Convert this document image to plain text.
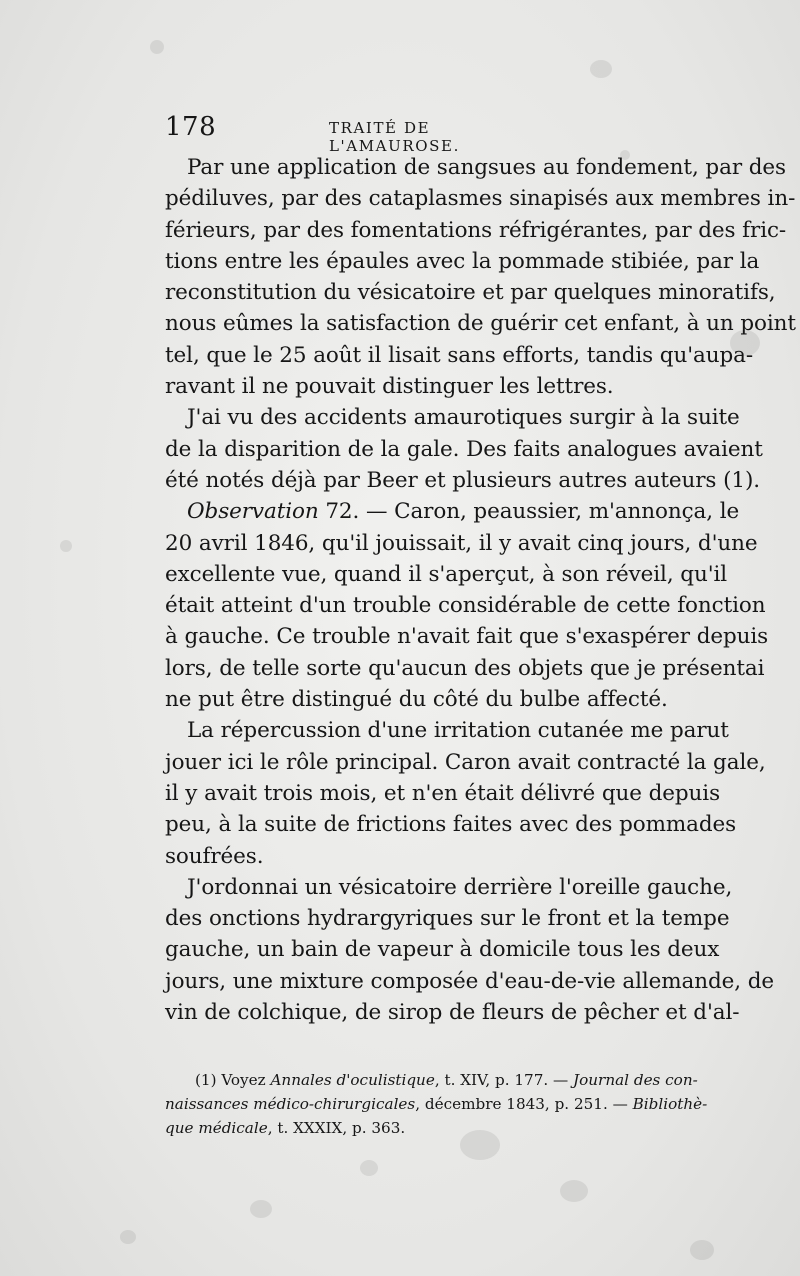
178	TRAITÉ DE L'AMAUROSE.

Par une application de sangsues au fondement, par des
pédiluves, par des cataplasmes sinapisés aux membres in-
férieurs, par des fomentations réfrigérantes, par des fric-
tions entre les épaules avec la pommade stibiée, par la
reconstitution du vésicatoire et par quelques minoratifs,
nous eûmes la satisfaction de guérir cet enfant, à un point
tel, que le 25 août il lisait sans efforts, tandis qu'aupa-
ravant il ne pouvait distinguer les lettres.

J'ai vu des accidents amaurotiques surgir à la suite
de la disparition de la gale. Des faits analogues avaient
été notés déjà par Beer et plusieurs autres auteurs (1).

Observation 72. — Caron, peaussier, m'annonça, le
20 avril 1846, qu'il jouissait, il y avait cinq jours, d'une
excellente vue, quand il s'aperçut, à son réveil, qu'il
était atteint d'un trouble considérable de cette fonction
à gauche. Ce trouble n'avait fait que s'exaspérer depuis
lors, de telle sorte qu'aucun des objets que je présentai
ne put être distingué du côté du bulbe affecté.

La répercussion d'une irritation cutanée me parut
jouer ici le rôle principal. Caron avait contracté la gale,
il y avait trois mois, et n'en était délivré que depuis
peu, à la suite de frictions faites avec des pommades
soufrées.

J'ordonnai un vésicatoire derrière l'oreille gauche,
des onctions hydrargyriques sur le front et la tempe
gauche, un bain de vapeur à domicile tous les deux
jours, une mixture composée d'eau-de-vie allemande, de
vin de colchique, de sirop de fleurs de pêcher et d'al-

(1) Voyez Annales d'oculistique, t. XIV, p. 177. — Journal des con-
naissances médico-chirurgicales, décembre 1843, p. 251. — Bibliothè-
que médicale, t. XXXIX, p. 363.
